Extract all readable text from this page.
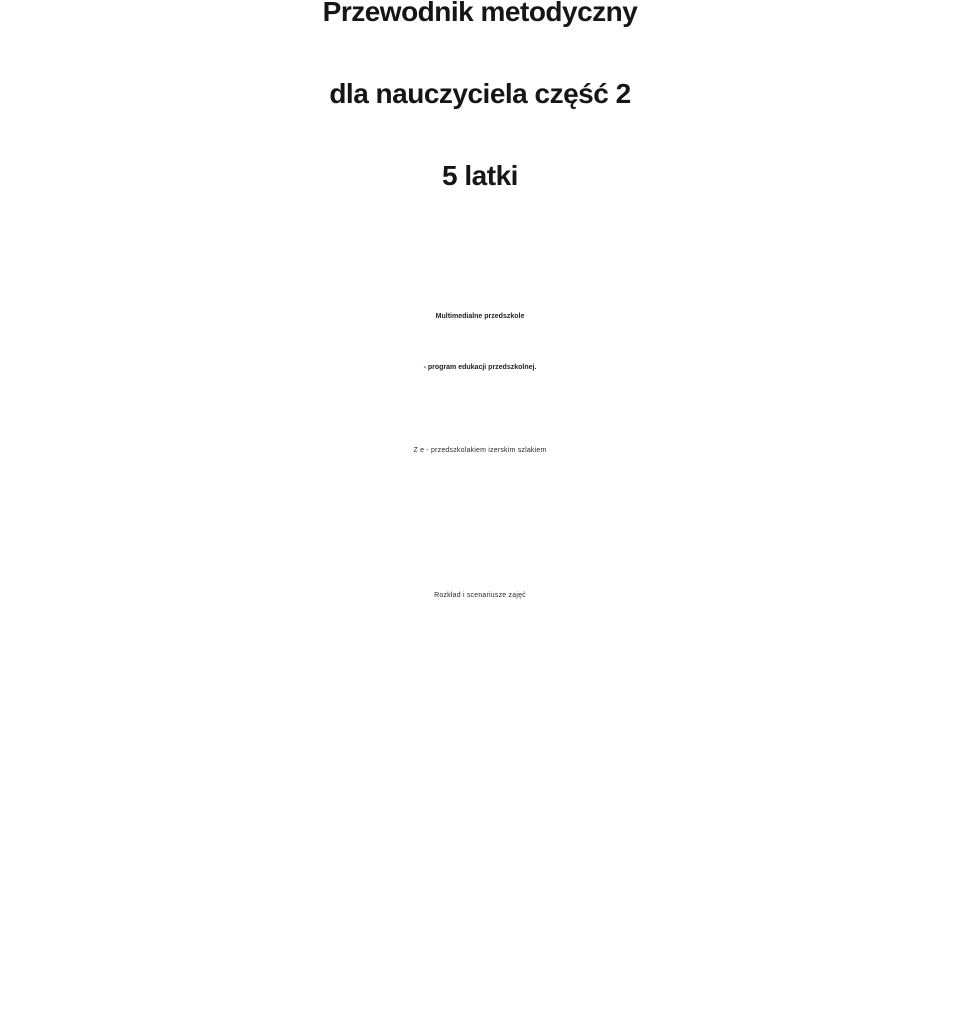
Przewodnik metodyczny

dla nauczyciela część 2

5 latki

Multimedialne przedszkole

- program edukacji przedszkolnej.

Z e - przedszkolakiem izerskim szlakiem

Rozkład i scenariusze zajęć
